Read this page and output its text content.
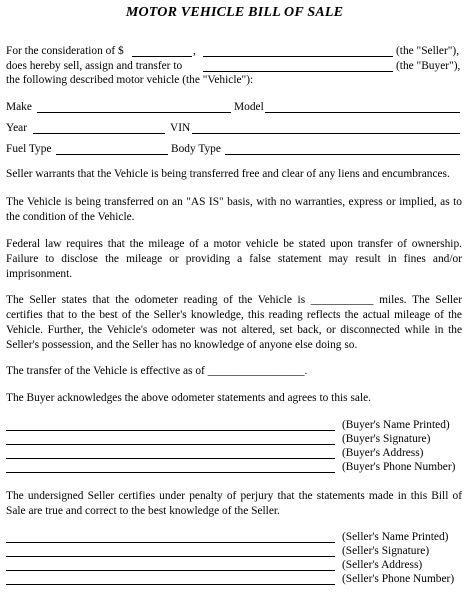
MOTOR VEHICLE BILL OF SALE
For the consideration of $	,	(the "Seller"),
does hereby sell, assign and transfer to	(the "Buyer"),
the following described motor vehicle (the "Vehicle"):
Make	Model
Year	VIN
Fuel Type	Body Type
Seller warrants that the Vehicle is being transferred free and clear of any liens and encumbrances.
The Vehicle is being transferred on an "AS IS" basis, with no warranties, express or implied, as to the condition of the Vehicle.
Federal law requires that the mileage of a motor vehicle be stated upon transfer of ownership. Failure to disclose the mileage or providing a false statement may result in fines and/or imprisonment.
The Seller states that the odometer reading of the Vehicle is ___________ miles. The Seller certifies that to the best of the Seller's knowledge, this reading reflects the actual mileage of the Vehicle. Further, the Vehicle's odometer was not altered, set back, or disconnected while in the Seller's possession, and the Seller has no knowledge of anyone else doing so.
The transfer of the Vehicle is effective as of _________________.
The Buyer acknowledges the above odometer statements and agrees to this sale.
(Buyer's Name Printed)
(Buyer's Signature)
(Buyer's Address)
(Buyer's Phone Number)
The undersigned Seller certifies under penalty of perjury that the statements made in this Bill of Sale are true and correct to the best knowledge of the Seller.
(Seller's Name Printed)
(Seller's Signature)
(Seller's Address)
(Seller's Phone Number)
